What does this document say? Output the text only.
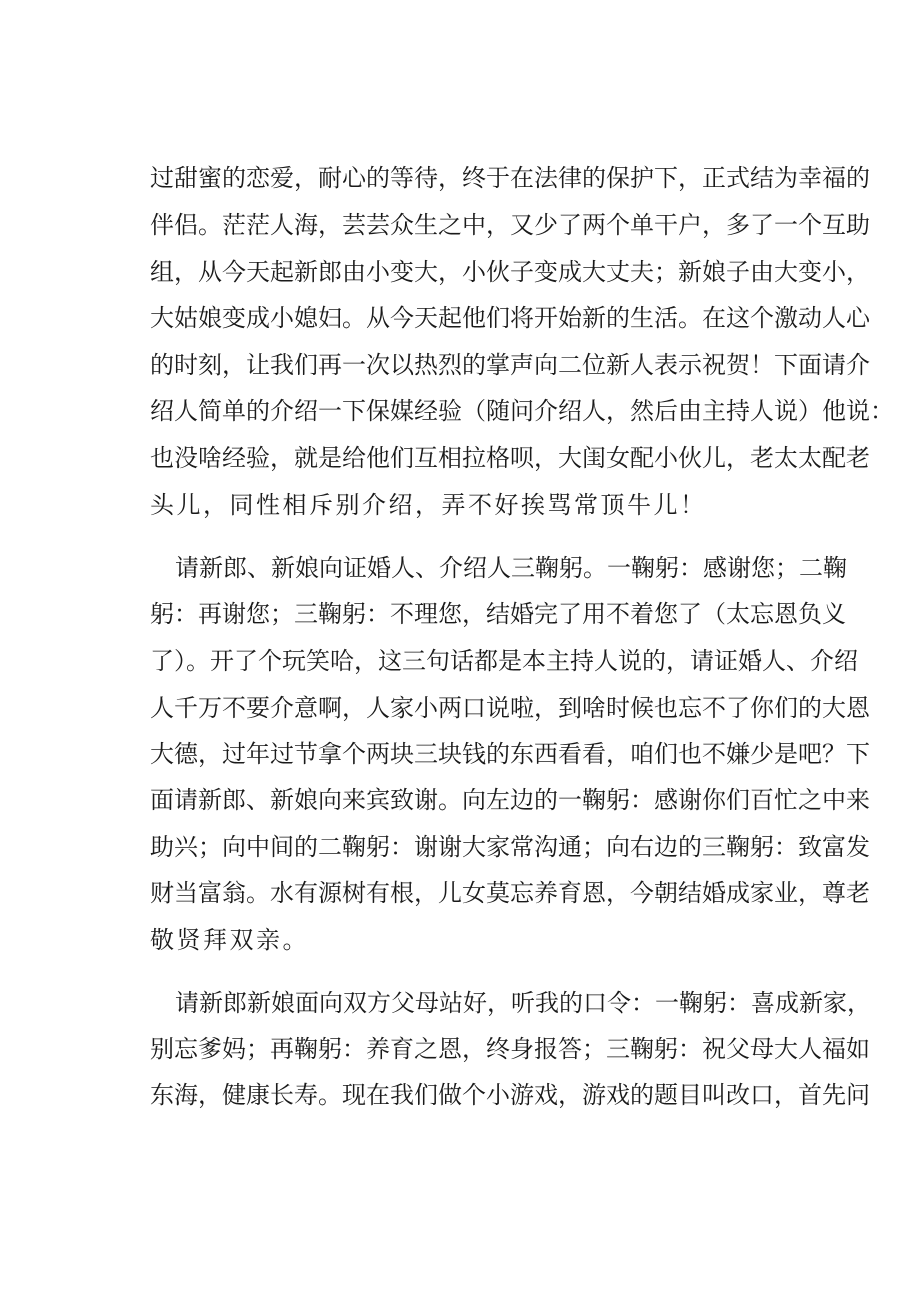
过甜蜜的恋爱，耐心的等待，终于在法律的保护下，正式结为幸福的
伴侣。茫茫人海，芸芸众生之中，又少了两个单干户，多了一个互助
组，从今天起新郎由小变大，小伙子变成大丈夫；新娘子由大变小，
大姑娘变成小媳妇。从今天起他们将开始新的生活。在这个激动人心
的时刻，让我们再一次以热烈的掌声向二位新人表示祝贺！下面请介
绍人简单的介绍一下保媒经验（随问介绍人，然后由主持人说）他说：
也没啥经验，就是给他们互相拉格呗，大闺女配小伙儿，老太太配老
头儿，同性相斥别介绍，弄不好挨骂常顶牛儿！
请新郎、新娘向证婚人、介绍人三鞠躬。一鞠躬：感谢您；二鞠
躬：再谢您；三鞠躬：不理您，结婚完了用不着您了（太忘恩负义
了）。开了个玩笑哈，这三句话都是本主持人说的，请证婚人、介绍
人千万不要介意啊，人家小两口说啦，到啥时候也忘不了你们的大恩
大德，过年过节拿个两块三块钱的东西看看，咱们也不嫌少是吧？下
面请新郎、新娘向来宾致谢。向左边的一鞠躬：感谢你们百忙之中来
助兴；向中间的二鞠躬：谢谢大家常沟通；向右边的三鞠躬：致富发
财当富翁。水有源树有根，儿女莫忘养育恩，今朝结婚成家业，尊老
敬贤拜双亲。
请新郎新娘面向双方父母站好，听我的口令：一鞠躬：喜成新家，
别忘爹妈；再鞠躬：养育之恩，终身报答；三鞠躬：祝父母大人福如
东海，健康长寿。现在我们做个小游戏，游戏的题目叫改口，首先问
